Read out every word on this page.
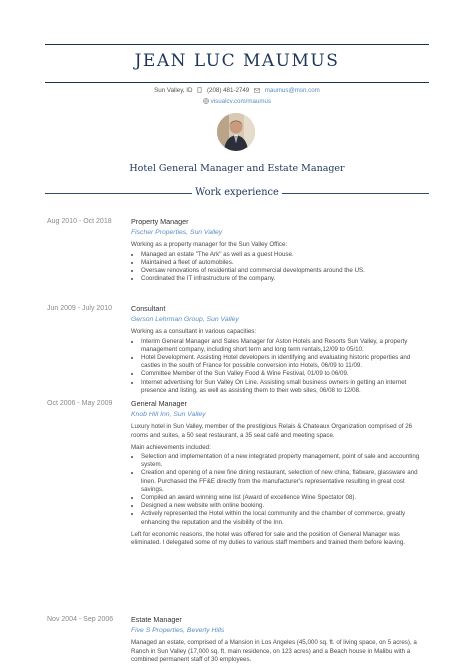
JEAN LUC MAUMUS
Sun Valley, ID (208) 481-2749 maumus@msn.com
visualcv.com/maumus
Hotel General Manager and Estate Manager
Work experience
Aug 2010 - Oct 2018	Property Manager
Fischer Properties, Sun Valley
Working as a property manager for the Sun Valley Office:
• Managed an estate "The Ark" as well as a guest House.
• Maintained a fleet of automobiles.
• Oversaw renovations of residential and commercial developments around the US.
• Coordinated the IT infrastructure of the company.
Jun 2009 - July 2010	Consultant
Gerson Lehrman Group, Sun Valley
Working as a consultant in various capacities:
• Interim General Manager and Sales Manager for Aston Hotels and Resorts Sun Valley, a property management company, including short term and long term rentals,12/09 to 05/10.
• Hotel Development. Assisting Hotel developers in identifying and evaluating historic properties and castles in the south of France for possible conversion into Hotels, 06/09 to 11/09.
• Committee Member of the Sun Valley Food & Wine Festival, 01/09 to 06/09.
• Internet advertising for Sun Valley On Line. Assisting small business owners in getting an internet presence and listing, as well as assisting them to their web sites, 06/08 to 12/08.
Oct 2006 - May 2009	General Manager
Knob Hill Inn, Sun Valley
Luxury hotel in Sun Valley, member of the prestigious Relais & Chateaux Organization comprised of 26 rooms and suites, a 50 seat restaurant, a 35 seat café and meeting space.
Main achievements included:
• Selection and implementation of a new integrated property management, point of sale and accounting system.
• Creation and opening of a new fine dining restaurant, selection of new china, flatware, glassware and linen. Purchased the FF&E directly from the manufacturer's representative resulting in great cost savings.
• Compiled an award winning wine list (Award of excellence Wine Spectator 08).
• Designed a new website with online booking.
• Actively represented the Hotel within the local community and the chamber of commerce, greatly enhancing the reputation and the visibility of the Inn.
Left for economic reasons, the hotel was offered for sale and the position of General Manager was eliminated. I delegated some of my duties to various staff members and trained them before leaving.
Nov 2004 - Sep 2006	Estate Manager
Five S Properties, Beverly Hills
Managed an estate, comprised of a Mansion in Los Angeles (45,000 sq. ft. of living space, on 5 acres), a Ranch in Sun Valley (17,000 sq. ft. main residence, on 123 acres) and a Beach house in Malibu with a combined permanent staff of 30 employees.
